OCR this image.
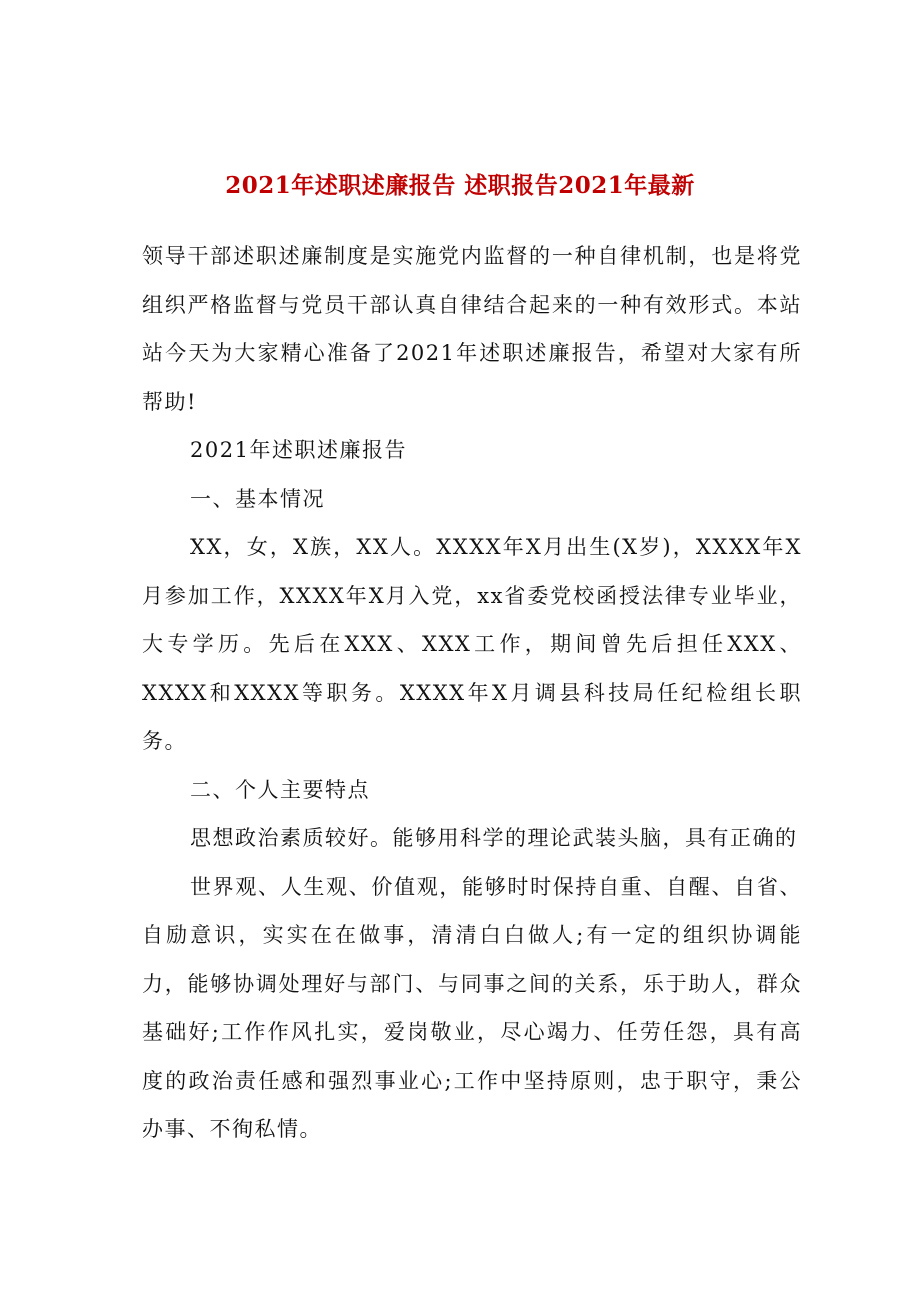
2021年述职述廉报告 述职报告2021年最新

领导干部述职述廉制度是实施党内监督的一种自律机制，也是将党组织严格监督与党员干部认真自律结合起来的一种有效形式。本站站今天为大家精心准备了2021年述职述廉报告，希望对大家有所帮助!

2021年述职述廉报告

一、基本情况

XX，女，X族，XX人。XXXX年X月出生(X岁)，XXXX年X月参加工作，XXXX年X月入党，xx省委党校函授法律专业毕业，大专学历。先后在XXX、XXX工作，期间曾先后担任XXX、XXXX和XXXX等职务。XXXX年X月调县科技局任纪检组长职务。

二、个人主要特点

思想政治素质较好。能够用科学的理论武装头脑，具有正确的

世界观、人生观、价值观，能够时时保持自重、自醒、自省、自励意识，实实在在做事，清清白白做人;有一定的组织协调能力，能够协调处理好与部门、与同事之间的关系，乐于助人，群众基础好;工作作风扎实，爱岗敬业，尽心竭力、任劳任怨，具有高度的政治责任感和强烈事业心;工作中坚持原则，忠于职守，秉公办事、不徇私情。
